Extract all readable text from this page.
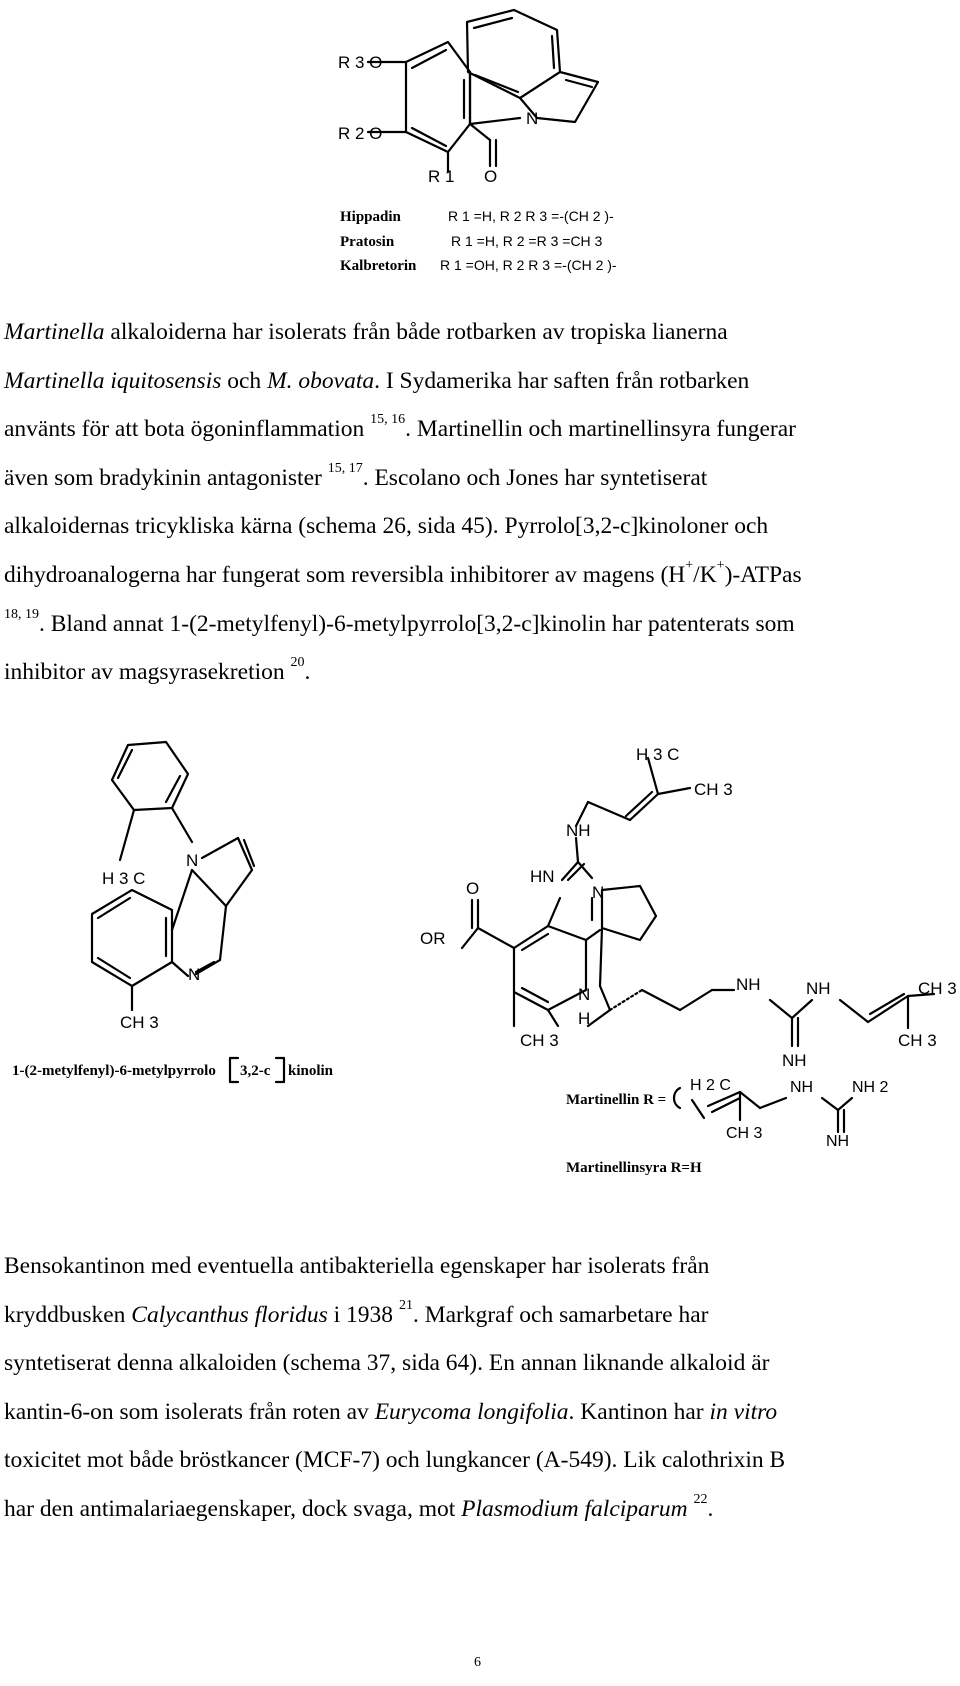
R 3 O
R 2 O
R 1 O
N
Hippadin	R 1 =H, R 2 R 3 =-(CH 2 )-
Pratosin	R 1 =H, R 2 =R 3 =CH 3
Kalbretorin R 1 =OH, R 2 R 3 =-(CH 2 )-
Martinella alkaloiderna har isolerats från både rotbarken av tropiska lianerna
Martinella iquitosensis och M. obovata. I Sydamerika har saften från rotbarken
använts för att bota ögoninflammation $^{15, 16}$. Martinellin och martinellinsyra fungerar
även som bradykinin antagonister $^{15, 17}$. Escolano och Jones har syntetiserat
alkaloidernas tricykliska kärna (schema 26, sida 45). Pyrrolo[3,2-c]kinoloner och
dihydroanalogerna har fungerat som reversibla inhibitorer av magens (H+/K+)-ATPas
$^{18, 19}$. Bland annat 1-(2-metylfenyl)-6-metylpyrrolo[3,2-c]kinolin har patenterats som
inhibitor av magsyrasekretion $^{20}$.
H 3 C
N
N
CH 3
1-(2-metylfenyl)-6-metylpyrrolo 3,2-c kinolin
H 3 C
CH 3
NH
HN
O	N
OR
NH	NH	CH 3
N
H
NH
CH 3
CH 3
Martinellin R =
H 2 C	NH NH 2
CH 3	NH
Martinellinsyra R=H
Bensokantinon med eventuella antibakteriella egenskaper har isolerats från
kryddbusken Calycanthus floridus i 1938 $^{21}$. Markgraf och samarbetare har
syntetiserat denna alkaloiden (schema 37, sida 64). En annan liknande alkaloid är
kantin-6-on som isolerats från roten av Eurycoma longifolia. Kantinon har in vitro
toxicitet mot både bröstkancer (MCF-7) och lungkancer (A-549). Lik calothrixin B
har den antimalariaegenskaper, dock svaga, mot Plasmodium falciparum $^{22}$.
6
